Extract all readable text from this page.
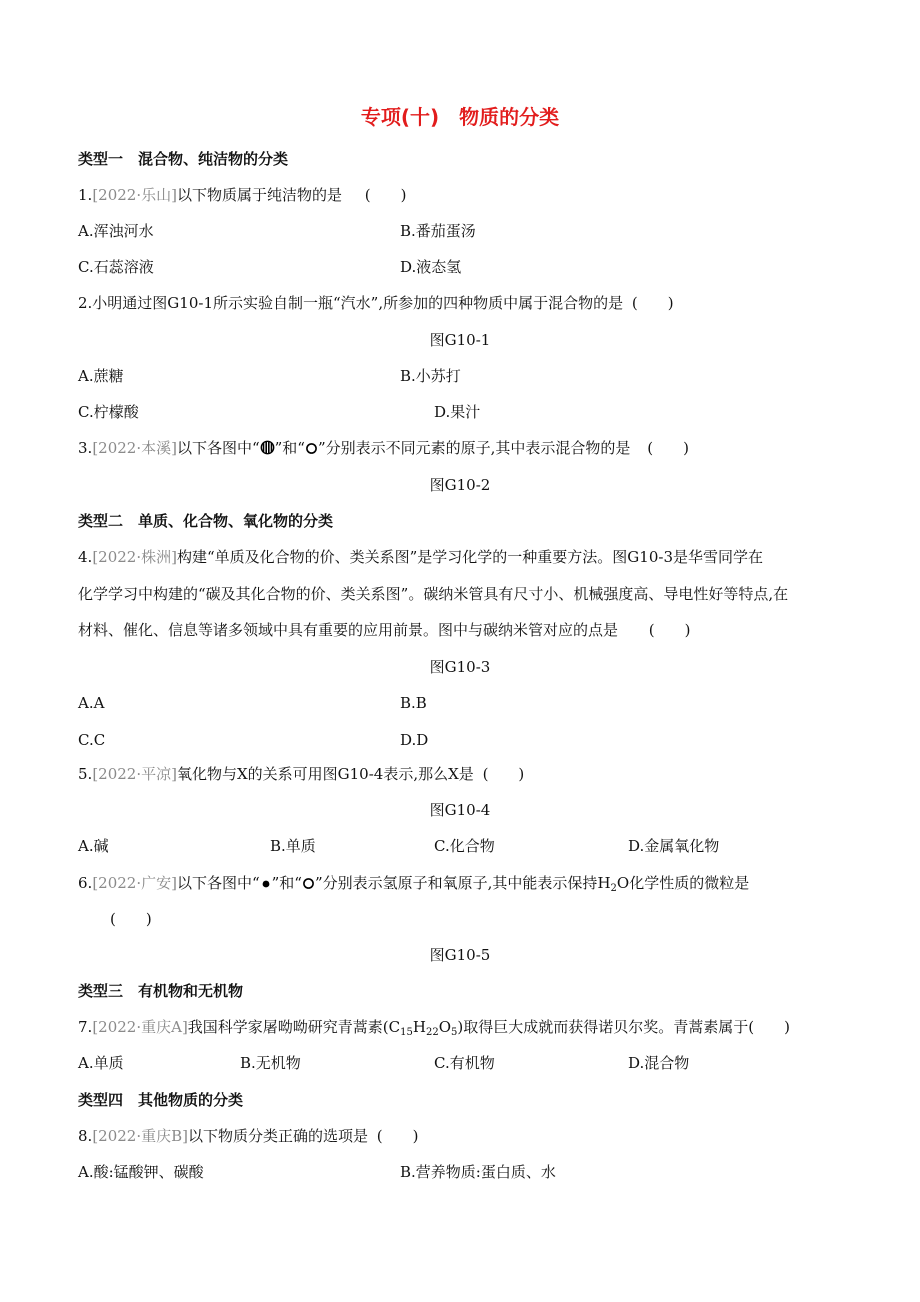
专项(十)　物质的分类
类型一　混合物、纯洁物的分类
1.[2022·乐山]以下物质属于纯洁物的是 (　　)
A.浑浊河水	B.番茄蛋汤
C.石蕊溶液	D.液态氢
2.小明通过图G10-1所示实验自制一瓶“汽水”,所参加的四种物质中属于混合物的是 (　　)
图G10-1
A.蔗糖	B.小苏打
C.柠檬酸	D.果汁
3.[2022·本溪]以下各图中“ ”和“ ”分别表示不同元素的原子,其中表示混合物的是 (　　)
图G10-2
类型二　单质、化合物、氧化物的分类
4.[2022·株洲]构建“单质及化合物的价、类关系图”是学习化学的一种重要方法。图G10-3是华雪同学在
化学学习中构建的“碳及其化合物的价、类关系图”。碳纳米管具有尺寸小、机械强度高、导电性好等特点,在
材料、催化、信息等诸多领域中具有重要的应用前景。图中与碳纳米管对应的点是 (　　)
图G10-3
A.A	B.B
C.C	D.D
5.[2022·平凉]氧化物与X的关系可用图G10-4表示,那么X是 (　　)
图G10-4
A.碱	B.单质	C.化合物	D.金属氧化物
6.[2022·广安]以下各图中“ ”和“ ”分别表示氢原子和氧原子,其中能表示保持$H_2O$化学性质的微粒是
(　　)
图G10-5
类型三　有机物和无机物
7.[2022·重庆A]我国科学家屠呦呦研究青蒿素$(C_{15}H_{22}O_5)$取得巨大成就而获得诺贝尔奖。青蒿素属于(　　)
A.单质	B.无机物	C.有机物	D.混合物
类型四　其他物质的分类
8.[2022·重庆B]以下物质分类正确的选项是 (　　)
A.酸:锰酸钾、碳酸	B.营养物质:蛋白质、水
